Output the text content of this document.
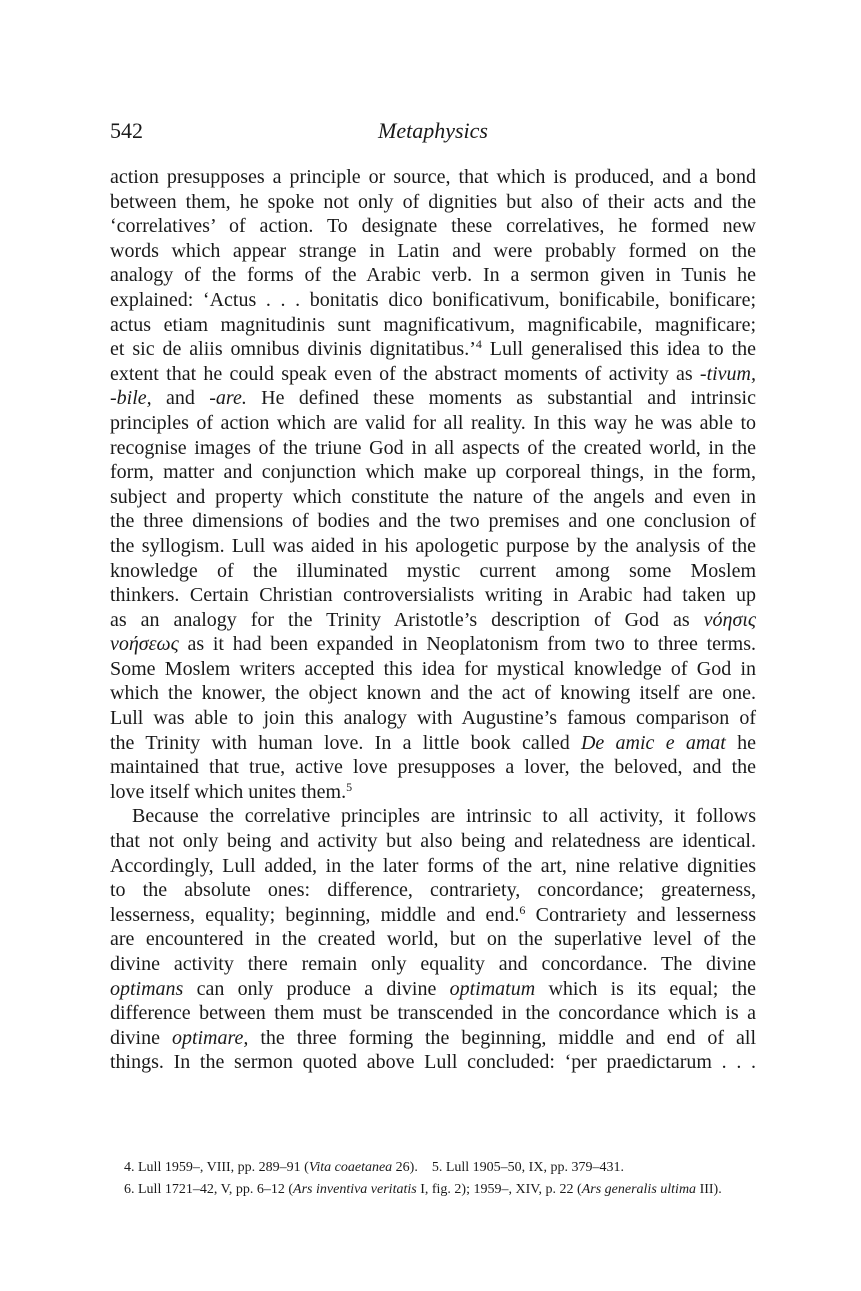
542	Metaphysics
action presupposes a principle or source, that which is produced, and a bond
between them, he spoke not only of dignities but also of their acts and the
‘correlatives’ of action. To designate these correlatives, he formed new
words which appear strange in Latin and were probably formed on the
analogy of the forms of the Arabic verb. In a sermon given in Tunis he
explained: ‘Actus . . . bonitatis dico bonificativum, bonificabile, bonificare;
actus etiam magnitudinis sunt magnificativum, magnificabile, magnificare;
et sic de aliis omnibus divinis dignitatibus.’$^4$ Lull generalised this idea to the
extent that he could speak even of the abstract moments of activity as -tivum,
-bile, and -are. He defined these moments as substantial and intrinsic
principles of action which are valid for all reality. In this way he was able to
recognise images of the triune God in all aspects of the created world, in the
form, matter and conjunction which make up corporeal things, in the form,
subject and property which constitute the nature of the angels and even in
the three dimensions of bodies and the two premises and one conclusion of
the syllogism. Lull was aided in his apologetic purpose by the analysis of the
knowledge of the illuminated mystic current among some Moslem
thinkers. Certain Christian controversialists writing in Arabic had taken up
as an analogy for the Trinity Aristotle’s description of God as νόησις
νοήσεως as it had been expanded in Neoplatonism from two to three terms.
Some Moslem writers accepted this idea for mystical knowledge of God in
which the knower, the object known and the act of knowing itself are one.
Lull was able to join this analogy with Augustine’s famous comparison of
the Trinity with human love. In a little book called De amic e amat he
maintained that true, active love presupposes a lover, the beloved, and the
love itself which unites them.$^5$
Because the correlative principles are intrinsic to all activity, it follows
that not only being and activity but also being and relatedness are identical.
Accordingly, Lull added, in the later forms of the art, nine relative dignities
to the absolute ones: difference, contrariety, concordance; greaterness,
lesserness, equality; beginning, middle and end.$^6$ Contrariety and lesserness
are encountered in the created world, but on the superlative level of the
divine activity there remain only equality and concordance. The divine
optimans can only produce a divine optimatum which is its equal; the
difference between them must be transcended in the concordance which is a
divine optimare, the three forming the beginning, middle and end of all
things. In the sermon quoted above Lull concluded: ‘per praedictarum . . .
4. Lull 1959–, VIII, pp. 289–91 (Vita coaetanea 26). 5. Lull 1905–50, IX, pp. 379–431.
6. Lull 1721–42, V, pp. 6–12 (Ars inventiva veritatis I, fig. 2); 1959–, XIV, p. 22 (Ars generalis ultima III).
